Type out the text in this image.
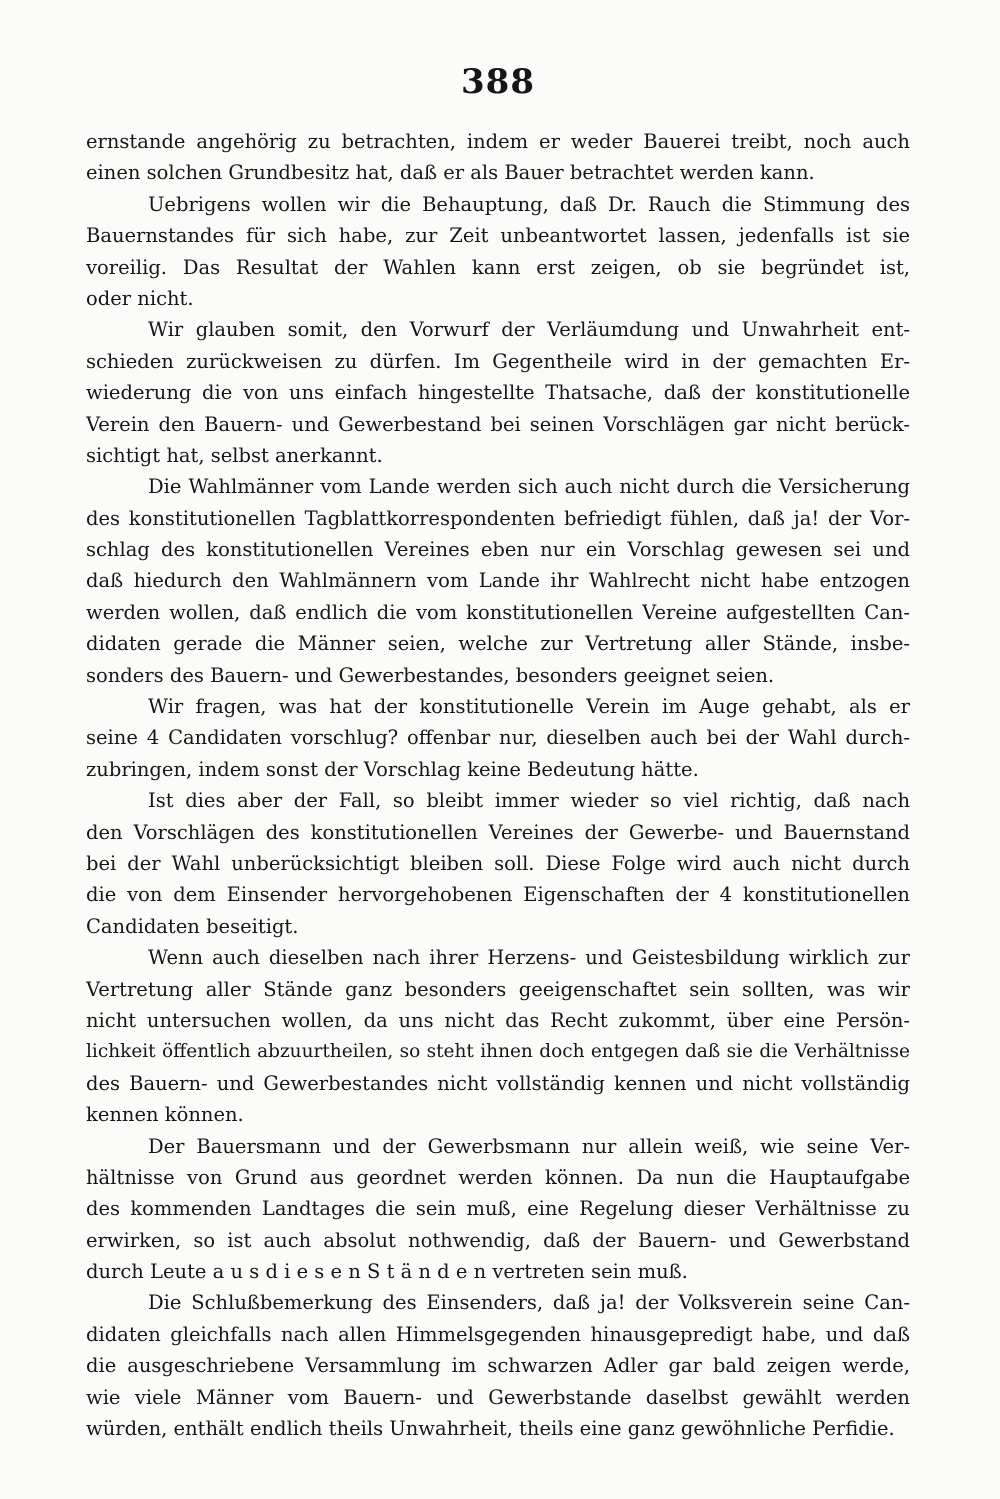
388
ernstande angehörig zu betrachten, indem er weder Bauerei treibt, noch auch
einen solchen Grundbesitz hat, daß er als Bauer betrachtet werden kann.
Uebrigens wollen wir die Behauptung, daß Dr. Rauch die Stimmung des
Bauernstandes für sich habe, zur Zeit unbeantwortet lassen, jedenfalls ist sie
voreilig. Das Resultat der Wahlen kann erst zeigen, ob sie begründet ist,
oder nicht.
Wir glauben somit, den Vorwurf der Verläumdung und Unwahrheit ent-
schieden zurückweisen zu dürfen. Im Gegentheile wird in der gemachten Er-
wiederung die von uns einfach hingestellte Thatsache, daß der konstitutionelle
Verein den Bauern- und Gewerbestand bei seinen Vorschlägen gar nicht berück-
sichtigt hat, selbst anerkannt.
Die Wahlmänner vom Lande werden sich auch nicht durch die Versicherung
des konstitutionellen Tagblattkorrespondenten befriedigt fühlen, daß ja! der Vor-
schlag des konstitutionellen Vereines eben nur ein Vorschlag gewesen sei und
daß hiedurch den Wahlmännern vom Lande ihr Wahlrecht nicht habe entzogen
werden wollen, daß endlich die vom konstitutionellen Vereine aufgestellten Can-
didaten gerade die Männer seien, welche zur Vertretung aller Stände, insbe-
sonders des Bauern- und Gewerbestandes, besonders geeignet seien.
Wir fragen, was hat der konstitutionelle Verein im Auge gehabt, als er
seine 4 Candidaten vorschlug? offenbar nur, dieselben auch bei der Wahl durch-
zubringen, indem sonst der Vorschlag keine Bedeutung hätte.
Ist dies aber der Fall, so bleibt immer wieder so viel richtig, daß nach
den Vorschlägen des konstitutionellen Vereines der Gewerbe- und Bauernstand
bei der Wahl unberücksichtigt bleiben soll. Diese Folge wird auch nicht durch
die von dem Einsender hervorgehobenen Eigenschaften der 4 konstitutionellen
Candidaten beseitigt.
Wenn auch dieselben nach ihrer Herzens- und Geistesbildung wirklich zur
Vertretung aller Stände ganz besonders geeigenschaftet sein sollten, was wir
nicht untersuchen wollen, da uns nicht das Recht zukommt, über eine Persön-
lichkeit öffentlich abzuurtheilen, so steht ihnen doch entgegen daß sie die Verhältnisse
des Bauern- und Gewerbestandes nicht vollständig kennen und nicht vollständig
kennen können.
Der Bauersmann und der Gewerbsmann nur allein weiß, wie seine Ver-
hältnisse von Grund aus geordnet werden können. Da nun die Hauptaufgabe
des kommenden Landtages die sein muß, eine Regelung dieser Verhältnisse zu
erwirken, so ist auch absolut nothwendig, daß der Bauern- und Gewerbstand
durch Leute a u s d i e s e n S t ä n d e n vertreten sein muß.
Die Schlußbemerkung des Einsenders, daß ja! der Volksverein seine Can-
didaten gleichfalls nach allen Himmelsgegenden hinausgepredigt habe, und daß
die ausgeschriebene Versammlung im schwarzen Adler gar bald zeigen werde,
wie viele Männer vom Bauern- und Gewerbstande daselbst gewählt werden
würden, enthält endlich theils Unwahrheit, theils eine ganz gewöhnliche Perfidie.
